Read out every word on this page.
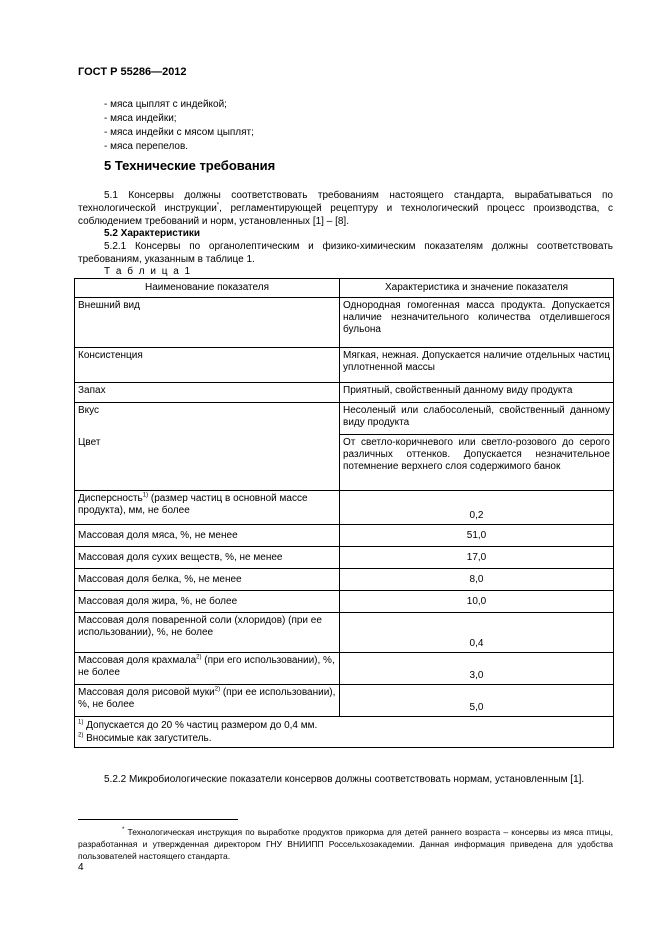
ГОСТ Р 55286—2012
- мяса цыплят с индейкой;
- мяса индейки;
- мяса индейки с мясом цыплят;
- мяса перепелов.
5 Технические требования

5.1 Консервы должны соответствовать требованиям настоящего стандарта, вырабатываться по технологической инструкции*, регламентирующей рецептуру и технологический процесс производства, с соблюдением требований и норм, установленных [1] – [8].

5.2 Характеристики

5.2.1 Консервы по органолептическим и физико-химическим показателям должны соответствовать требованиям, указанным в таблице 1.

Т а б л и ц а 1
Наименование показателя	Характеристика и значение показателя
Внешний вид	Однородная гомогенная масса продукта. Допускается наличие незначительного количества отделившегося бульона
Консистенция	Мягкая, нежная. Допускается наличие отдельных частиц уплотненной массы
Запах	Приятный, свойственный данному виду продукта
Вкус	Несоленый или слабосоленый, свойственный данному виду продукта
Цвет	От светло-коричневого или светло-розового до серого различных оттенков. Допускается незначительное потемнение верхнего слоя содержимого банок
Дисперсность$^{1)}$ (размер частиц в основной массе продукта), мм, не более	0,2
Массовая доля мяса, %, не менее	51,0
Массовая доля сухих веществ, %, не менее	17,0
Массовая доля белка, %, не менее	8,0
Массовая доля жира, %, не более	10,0
Массовая доля поваренной соли (хлоридов) (при ее использовании), %, не более	0,4
Массовая доля крахмала$^{2)}$ (при его использовании), %, не более	3,0
Массовая доля рисовой муки$^{2)}$ (при ее использовании), %, не более	5,0

$^{1)}$ Допускается до 20 % частиц размером до 0,4 мм.
$^{2)}$ Вносимые как загуститель.	

5.2.2 Микробиологические показатели консервов должны соответствовать нормам, установленным [1].

* Технологическая инструкция по выработке продуктов прикорма для детей раннего возраста – консервы из мяса птицы, разработанная и утвержденная директором ГНУ ВНИИПП Россельхозакадемии. Данная информация приведена для удобства пользователей настоящего стандарта.

4
